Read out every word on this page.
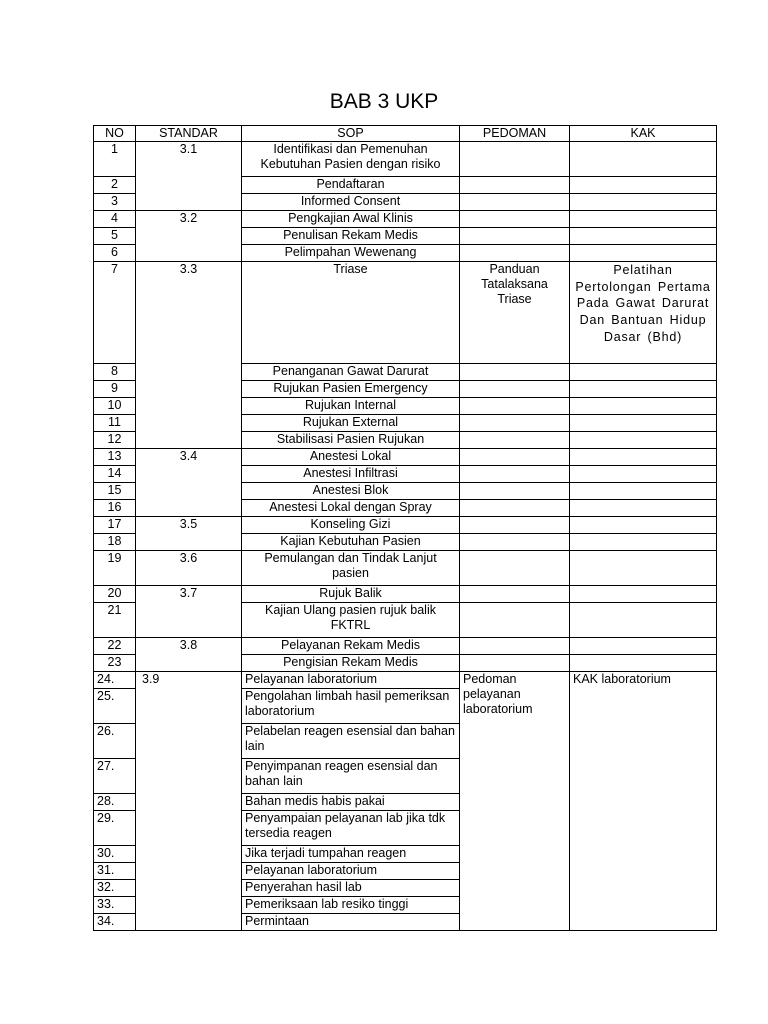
BAB 3 UKP
NO	STANDAR	SOP	PEDOMAN	KAK
1	3.1	Identifikasi dan Pemenuhan Kebutuhan Pasien dengan risiko		
2		Pendaftaran		
3		Informed Consent		
4	3.2	Pengkajian Awal Klinis		
5		Penulisan Rekam Medis		
6		Pelimpahan Wewenang		
7	3.3	Triase	Panduan Tatalaksana Triase	Pelatihan Pertolongan Pertama Pada Gawat Darurat Dan Bantuan Hidup Dasar (Bhd)
8		Penanganan Gawat Darurat		
9		Rujukan Pasien Emergency		
10		Rujukan Internal		
11		Rujukan External		
12		Stabilisasi Pasien Rujukan		
13	3.4	Anestesi Lokal		
14		Anestesi Infiltrasi		
15		Anestesi Blok		
16		Anestesi Lokal dengan Spray		
17	3.5	Konseling Gizi		
18		Kajian Kebutuhan Pasien		
19	3.6	Pemulangan dan Tindak Lanjut pasien		
20	3.7	Rujuk Balik		
21		Kajian Ulang pasien rujuk balik FKTRL		
22	3.8	Pelayanan Rekam Medis		
23		Pengisian Rekam Medis		
24.	3.9	Pelayanan laboratorium	Pedoman pelayanan laboratorium	KAK laboratorium
25.		Pengolahan limbah hasil pemeriksan laboratorium		
26.		Pelabelan reagen esensial dan bahan lain		
27.		Penyimpanan reagen esensial dan bahan lain		
28.		Bahan medis habis pakai		
29.		Penyampaian pelayanan lab jika tdk tersedia reagen		
30.		Jika terjadi tumpahan reagen		
31.		Pelayanan laboratorium		
32.		Penyerahan hasil lab		
33.		Pemeriksaan lab resiko tinggi		
34.		Permintaan		
